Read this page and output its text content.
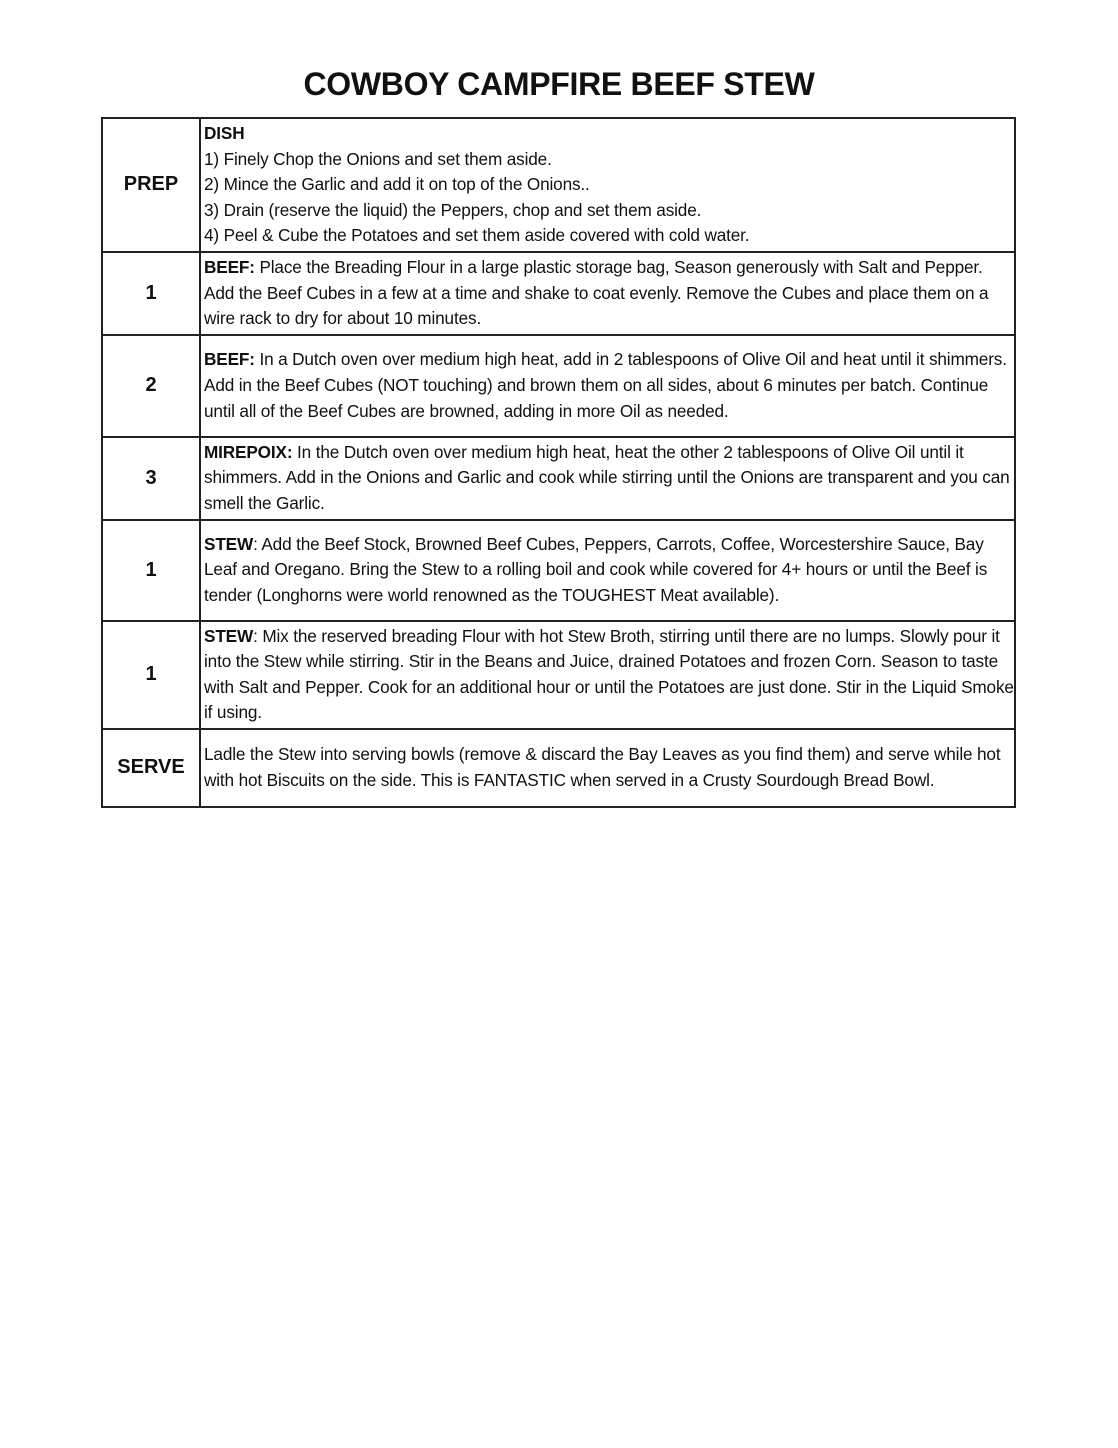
COWBOY CAMPFIRE BEEF STEW
PREP	DISH
1) Finely Chop the Onions and set them aside.
2) Mince the Garlic and add it on top of the Onions..
3) Drain (reserve the liquid) the Peppers, chop and set them aside.
4) Peel & Cube the Potatoes and set them aside covered with cold water.

1	BEEF: Place the Breading Flour in a large plastic storage bag, Season generously with Salt and Pepper. Add the Beef Cubes in a few at a time and shake to coat evenly. Remove the Cubes and place them on a wire rack to dry for about 10 minutes.
2	BEEF: In a Dutch oven over medium high heat, add in 2 tablespoons of Olive Oil and heat until it shimmers. Add in the Beef Cubes (NOT touching) and brown them on all sides, about 6 minutes per batch. Continue until all of the Beef Cubes are browned, adding in more Oil as needed.
3	MIREPOIX: In the Dutch oven over medium high heat, heat the other 2 tablespoons of Olive Oil until it shimmers. Add in the Onions and Garlic and cook while stirring until the Onions are transparent and you can smell the Garlic.
1	STEW: Add the Beef Stock, Browned Beef Cubes, Peppers, Carrots, Coffee, Worcestershire Sauce, Bay Leaf and Oregano. Bring the Stew to a rolling boil and cook while covered for 4+ hours or until the Beef is tender (Longhorns were world renowned as the TOUGHEST Meat available).
1	STEW: Mix the reserved breading Flour with hot Stew Broth, stirring until there are no lumps. Slowly pour it into the Stew while stirring. Stir in the Beans and Juice, drained Potatoes and frozen Corn. Season to taste with Salt and Pepper. Cook for an additional hour or until the Potatoes are just done. Stir in the Liquid Smoke if using.
SERVE	Ladle the Stew into serving bowls (remove & discard the Bay Leaves as you find them) and serve while hot with hot Biscuits on the side. This is FANTASTIC when served in a Crusty Sourdough Bread Bowl.
